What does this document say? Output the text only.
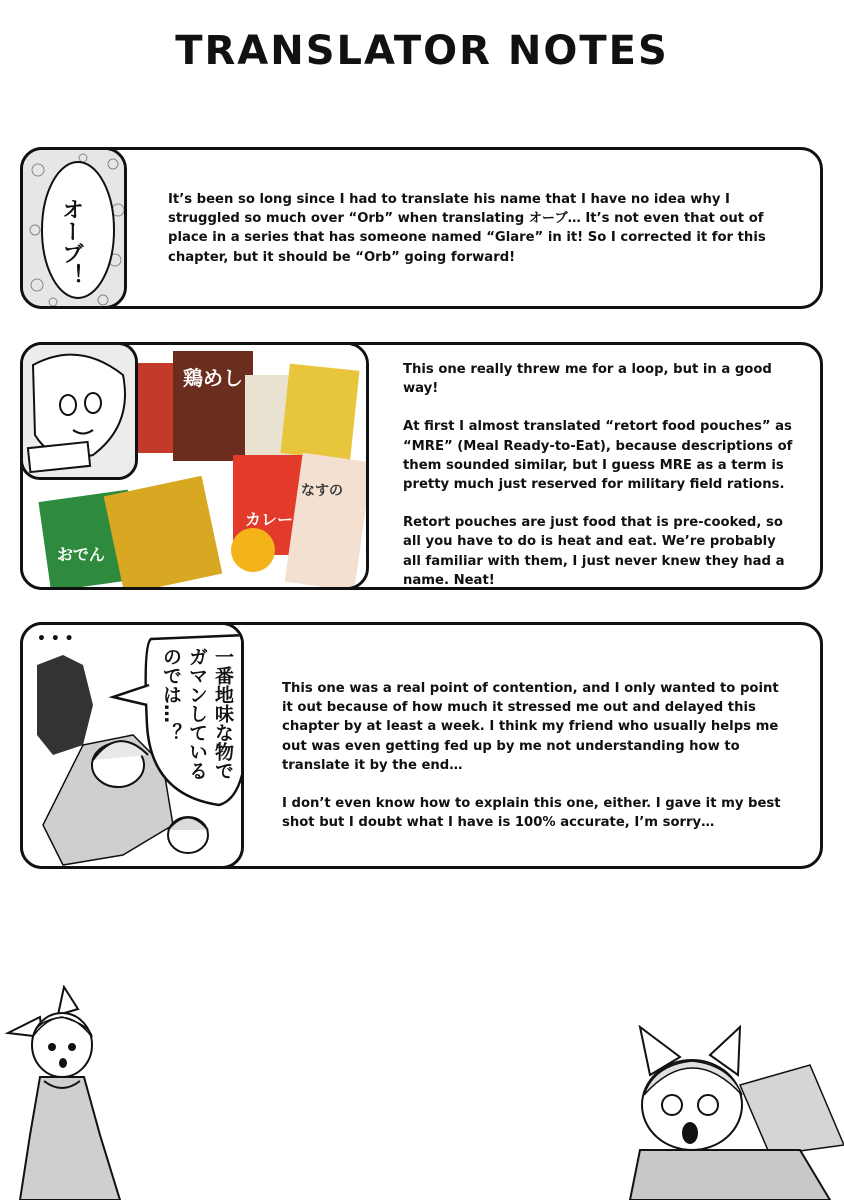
TRANSLATOR NOTES
オーブ！	It’s been so long since I had to translate his name that I have no idea why I struggled so much over “Orb” when translating オーブ… It’s not even that out of place in a series that has someone named “Glare” in it! So I corrected it for this chapter, but it should be “Orb” going forward!

鶏めし
カレー
なすの
おでん

This one really threw me for a loop, but in a good way!

At first I almost translated “retort food pouches” as “MRE” (Meal Ready-to-Eat), because descriptions of them sounded similar, but I guess MRE as a term is pretty much just reserved for military field rations.

Retort pouches are just food that is pre-cooked, so all you have to do is heat and eat. We’re probably all familiar with them, I just never knew they had a name. Neat!

• • •
一番地味な物で
ガマンしている
のでは…？	This one was a real point of contention, and I only wanted to point it out because of how much it stressed me out and delayed this chapter by at least a week. I think my friend who usually helps me out was even getting fed up by me not understanding how to translate it by the end…

I don’t even know how to explain this one, either. I gave it my best shot but I doubt what I have is 100% accurate, I’m sorry…
